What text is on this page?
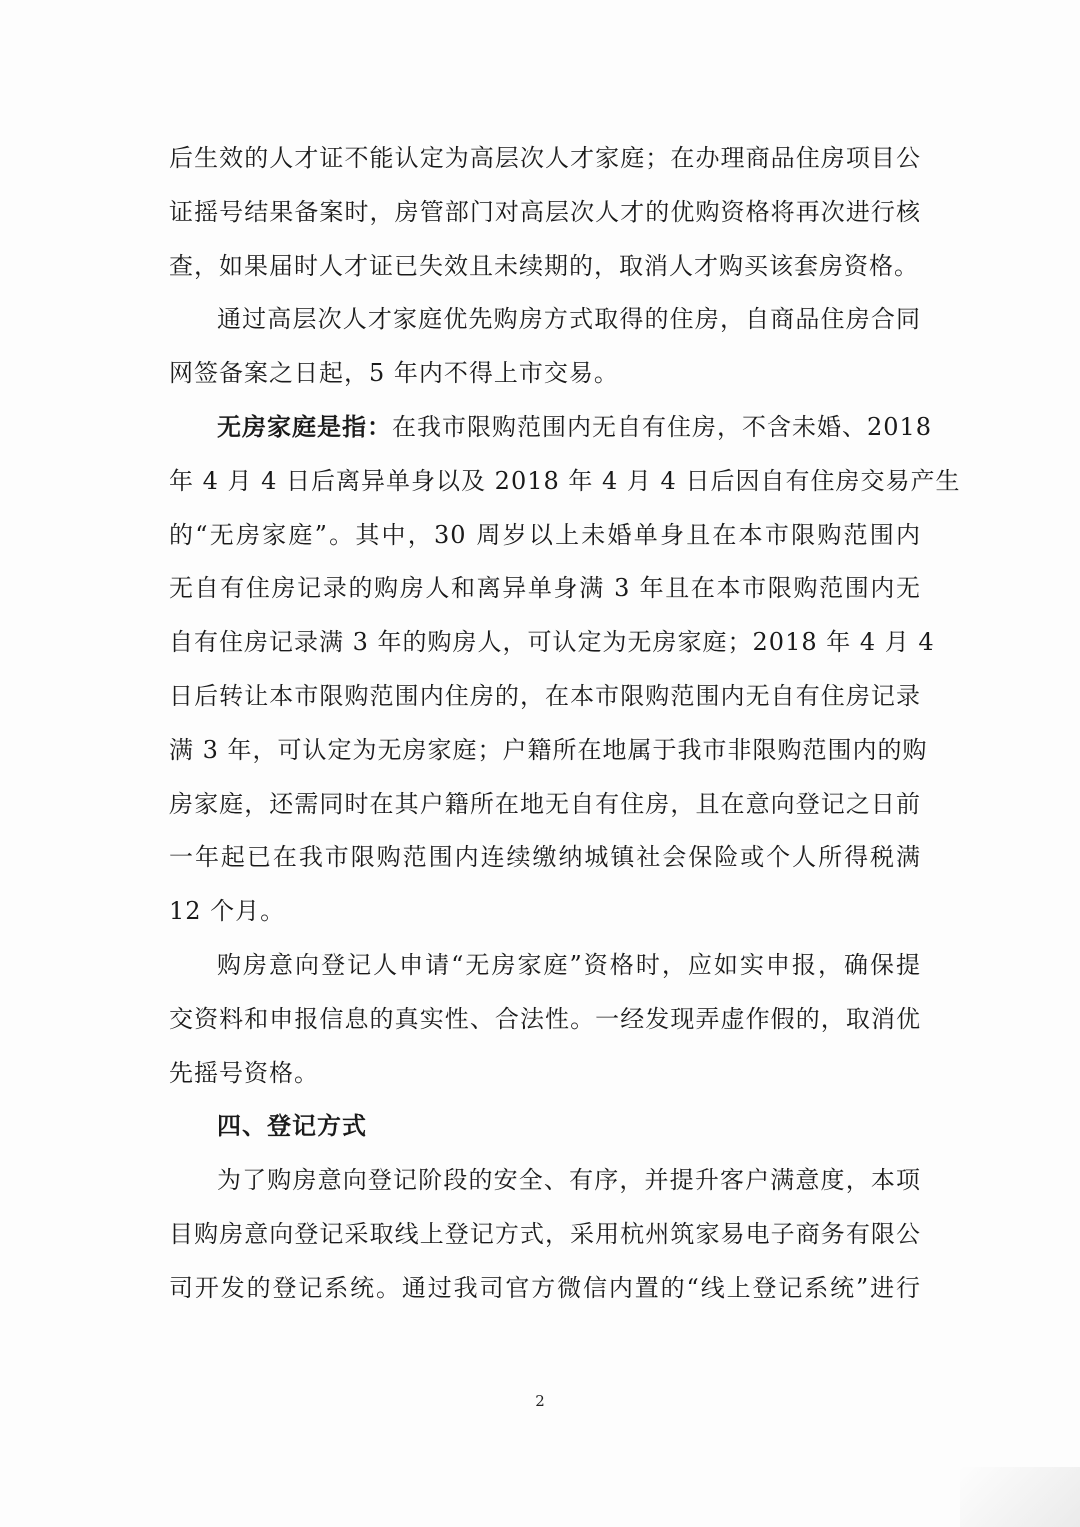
后生效的人才证不能认定为高层次人才家庭；在办理商品住房项目公
证摇号结果备案时，房管部门对高层次人才的优购资格将再次进行核
查，如果届时人才证已失效且未续期的，取消人才购买该套房资格。
通过高层次人才家庭优先购房方式取得的住房，自商品住房合同
网签备案之日起，5 年内不得上市交易。
无房家庭是指：在我市限购范围内无自有住房，不含未婚、2018
年 4 月 4 日后离异单身以及 2018 年 4 月 4 日后因自有住房交易产生
的“无房家庭”。其中，30 周岁以上未婚单身且在本市限购范围内
无自有住房记录的购房人和离异单身满 3 年且在本市限购范围内无
自有住房记录满 3 年的购房人，可认定为无房家庭；2018 年 4 月 4
日后转让本市限购范围内住房的，在本市限购范围内无自有住房记录
满 3 年，可认定为无房家庭；户籍所在地属于我市非限购范围内的购
房家庭，还需同时在其户籍所在地无自有住房，且在意向登记之日前
一年起已在我市限购范围内连续缴纳城镇社会保险或个人所得税满
12 个月。
购房意向登记人申请“无房家庭”资格时，应如实申报，确保提
交资料和申报信息的真实性、合法性。一经发现弄虚作假的，取消优
先摇号资格。
四、登记方式
为了购房意向登记阶段的安全、有序，并提升客户满意度，本项
目购房意向登记采取线上登记方式，采用杭州筑家易电子商务有限公
司开发的登记系统。通过我司官方微信内置的“线上登记系统”进行
2
